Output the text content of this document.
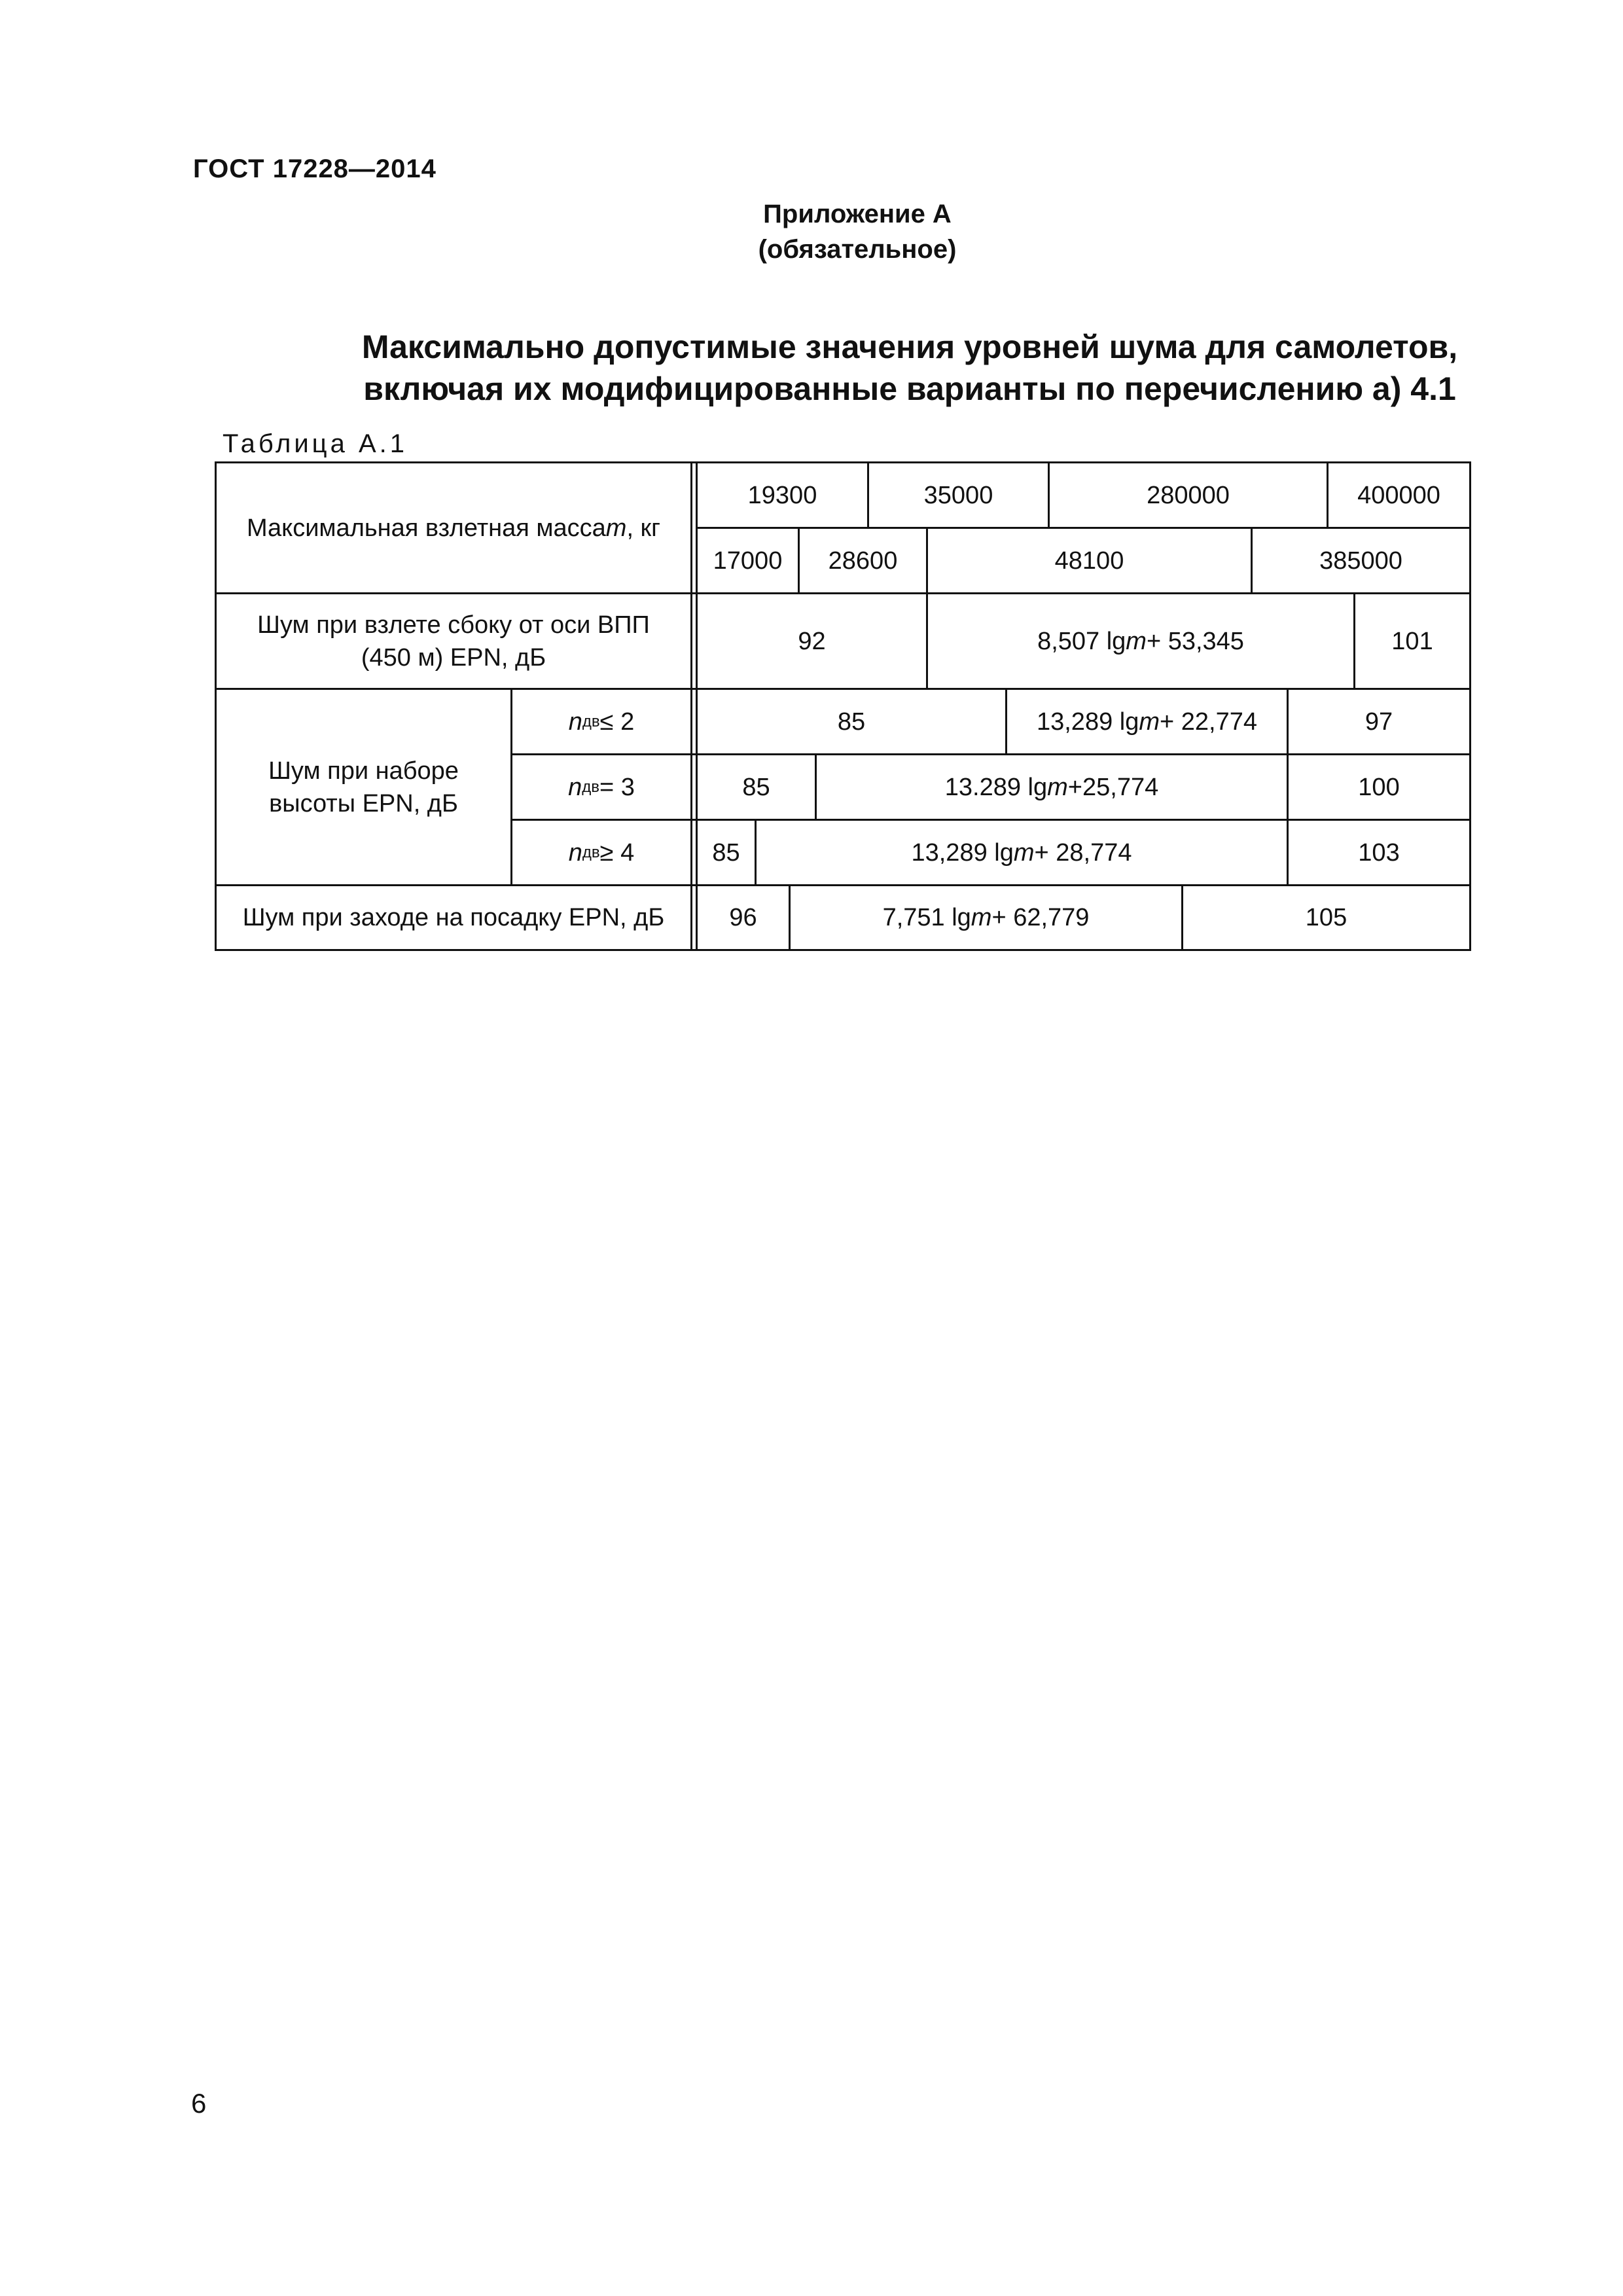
ГОСТ 17228—2014
Приложение А
(обязательное)
Максимально допустимые значения уровней шума для самолетов,
включая их модифицированные варианты по перечислению а) 4.1
Таблица А.1
Максимальная взлетная масса m , кг
19300	35000	280000	400000
17000	28600	48100	385000
Шум при взлете сбоку от оси ВПП (450 м) EPN, дБ
92	8,507 lg m + 53,345	101
Шум при наборе высоты EPN, дБ
n дв ≤ 2	85	13,289 lg m + 22,774	97
n дв = 3	85	13.289 lg m +25,774	100
n дв ≥ 4	85	13,289 lg m + 28,774	103
Шум при заходе на посадку EPN, дБ	96	7,751 lg m + 62,779	105
6
